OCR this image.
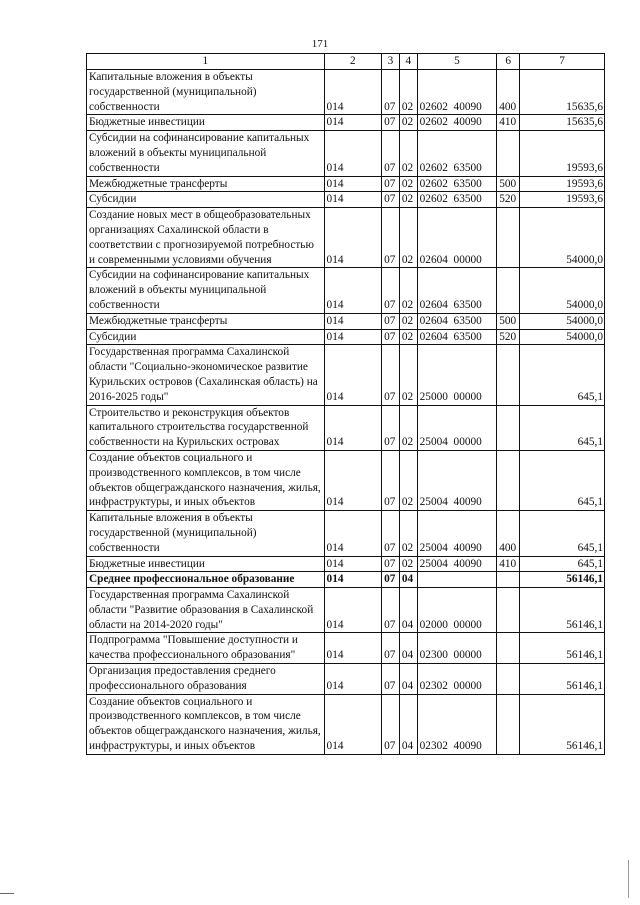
171
1	2	3	4	5	6	7
Капитальные вложения в объекты государственной (муниципальной) собственности	014	07	02	02602  40090	400	15635,6
Бюджетные инвестиции	014	07	02	02602  40090	410	15635,6
Субсидии на софинансирование капитальных вложений в объекты муниципальной собственности	014	07	02	02602  63500		19593,6
Межбюджетные трансферты	014	07	02	02602  63500	500	19593,6
Субсидии	014	07	02	02602  63500	520	19593,6
Создание новых мест в общеобразовательных организациях Сахалинской области в соответствии с прогнозируемой потребностью и современными условиями обучения	014	07	02	02604  00000		54000,0
Субсидии на софинансирование капитальных вложений в объекты муниципальной собственности	014	07	02	02604  63500		54000,0
Межбюджетные трансферты	014	07	02	02604  63500	500	54000,0
Субсидии	014	07	02	02604  63500	520	54000,0
Государственная программа Сахалинской области "Социально-экономическое развитие Курильских островов (Сахалинская область) на 2016-2025 годы"	014	07	02	25000  00000		645,1
Строительство и реконструкция объектов капитального строительства государственной собственности на Курильских островах	014	07	02	25004  00000		645,1
Создание объектов социального и производственного комплексов, в том числе объектов общегражданского назначения, жилья, инфраструктуры, и иных объектов	014	07	02	25004  40090		645,1
Капитальные вложения в объекты государственной (муниципальной) собственности	014	07	02	25004  40090	400	645,1
Бюджетные инвестиции	014	07	02	25004  40090	410	645,1
Среднее профессиональное образование	014	07	04			56146,1
Государственная программа Сахалинской области "Развитие образования в Сахалинской области на 2014-2020 годы"	014	07	04	02000  00000		56146,1
Подпрограмма "Повышение доступности и качества профессионального образования"	014	07	04	02300  00000		56146,1
Организация предоставления среднего профессионального образования	014	07	04	02302  00000		56146,1
Создание объектов социального и производственного комплексов, в том числе объектов общегражданского назначения, жилья, инфраструктуры, и иных объектов	014	07	04	02302  40090		56146,1
